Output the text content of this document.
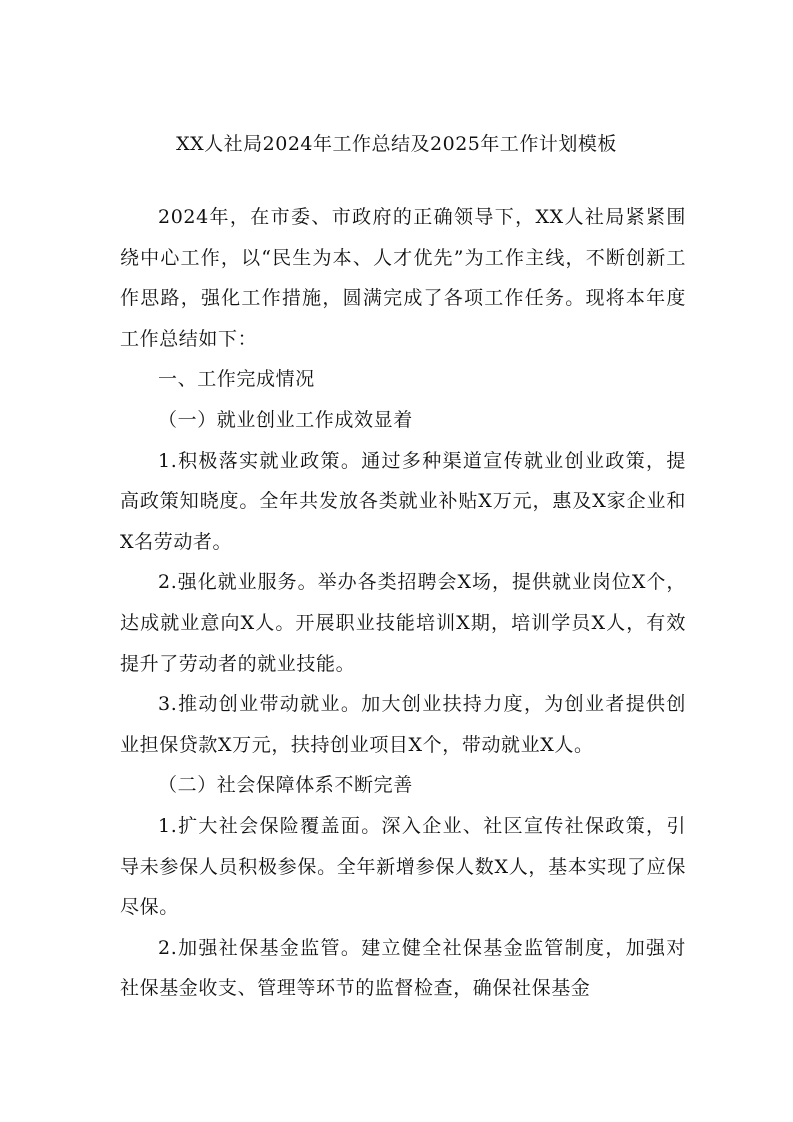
XX人社局2024年工作总结及2025年工作计划模板

2024年，在市委、市政府的正确领导下，XX人社局紧紧围绕中心工作，以“民生为本、人才优先”为工作主线，不断创新工作思路，强化工作措施，圆满完成了各项工作任务。现将本年度工作总结如下：

一、工作完成情况

（一）就业创业工作成效显着

1.积极落实就业政策。通过多种渠道宣传就业创业政策，提高政策知晓度。全年共发放各类就业补贴X万元，惠及X家企业和X名劳动者。

2.强化就业服务。举办各类招聘会X场，提供就业岗位X个，达成就业意向X人。开展职业技能培训X期，培训学员X人，有效提升了劳动者的就业技能。

3.推动创业带动就业。加大创业扶持力度，为创业者提供创业担保贷款X万元，扶持创业项目X个，带动就业X人。

（二）社会保障体系不断完善

1.扩大社会保险覆盖面。深入企业、社区宣传社保政策，引导未参保人员积极参保。全年新增参保人数X人，基本实现了应保尽保。

2.加强社保基金监管。建立健全社保基金监管制度，加强对社保基金收支、管理等环节的监督检查，确保社保基金
